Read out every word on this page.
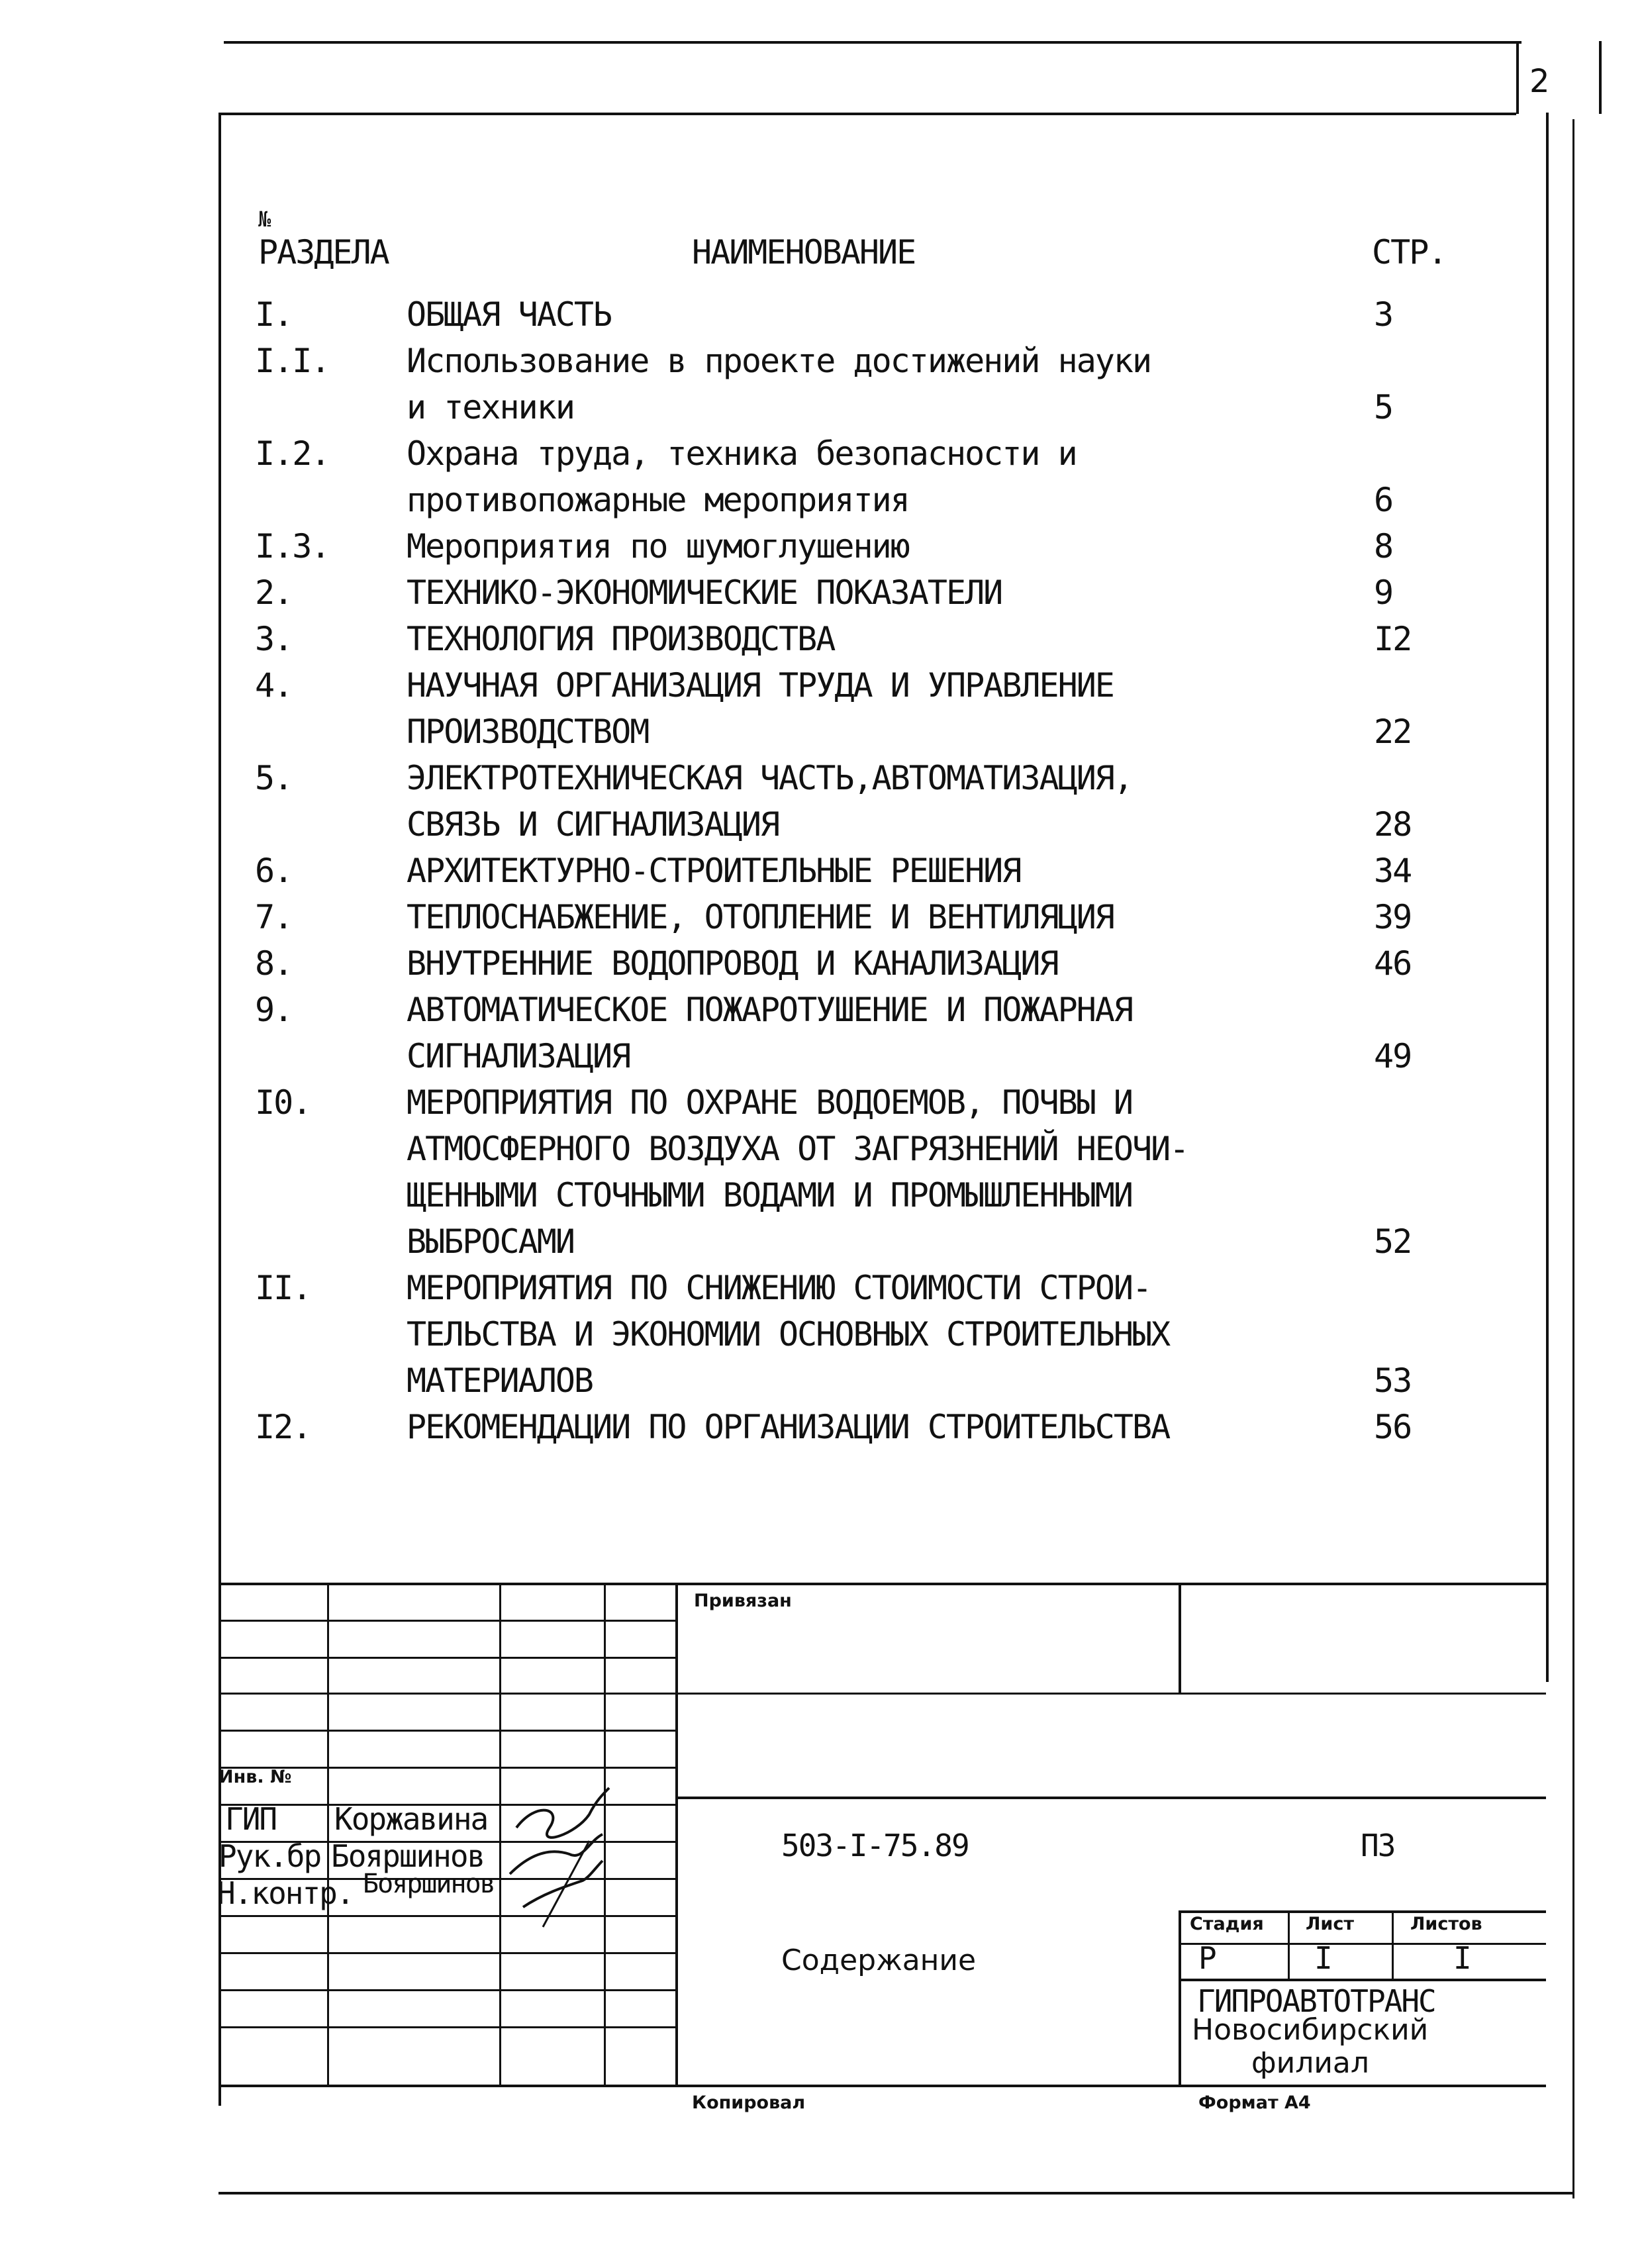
2
№
РАЗДЕЛА	НАИМЕНОВАНИЕ	СТР.
I.	ОБЩАЯ ЧАСТЬ	3
I.I. Использование в проекте достижений науки
и техники	5
I.2. Охрана труда, техника безопасности и
противопожарные мероприятия	6
I.3. Мероприятия по шумоглушению	8
2.	ТЕХНИКО-ЭКОНОМИЧЕСКИЕ ПОКАЗАТЕЛИ	9
3.	ТЕХНОЛОГИЯ ПРОИЗВОДСТВА	I2
4.	НАУЧНАЯ ОРГАНИЗАЦИЯ ТРУДА И УПРАВЛЕНИЕ
ПРОИЗВОДСТВОМ	22
5.	ЭЛЕКТРОТЕХНИЧЕСКАЯ ЧАСТЬ,АВТОМАТИЗАЦИЯ,
СВЯЗЬ И СИГНАЛИЗАЦИЯ	28
6.	АРХИТЕКТУРНО-СТРОИТЕЛЬНЫЕ РЕШЕНИЯ	34
7.	ТЕПЛОСНАБЖЕНИЕ, ОТОПЛЕНИЕ И ВЕНТИЛЯЦИЯ	39
8.	ВНУТРЕННИЕ ВОДОПРОВОД И КАНАЛИЗАЦИЯ	46
9.	АВТОМАТИЧЕСКОЕ ПОЖАРОТУШЕНИЕ И ПОЖАРНАЯ
СИГНАЛИЗАЦИЯ	49
I0.	МЕРОПРИЯТИЯ ПО ОХРАНЕ ВОДОЕМОВ, ПОЧВЫ И
АТМОСФЕРНОГО ВОЗДУХА ОТ ЗАГРЯЗНЕНИЙ НЕОЧИ-
ЩЕННЫМИ СТОЧНЫМИ ВОДАМИ И ПРОМЫШЛЕННЫМИ
ВЫБРОСАМИ	52
II.	МЕРОПРИЯТИЯ ПО СНИЖЕНИЮ СТОИМОСТИ СТРОИ-
ТЕЛЬСТВА И ЭКОНОМИИ ОСНОВНЫХ СТРОИТЕЛЬНЫХ
МАТЕРИАЛОВ	53
I2.	РЕКОМЕНДАЦИИ ПО ОРГАНИЗАЦИИ СТРОИТЕЛЬСТВА	56
Привязан
Инв. №
ГИП Коржавина
Рук.бр Бояршинов
Н.контр. Бояршинов
503-I-75.89	ПЗ
Содержание
Стадия Лист	Листов
Р	I	I
ГИПРОАВТОТРАНС
Новосибирский
филиал
Копировал	Формат А4
